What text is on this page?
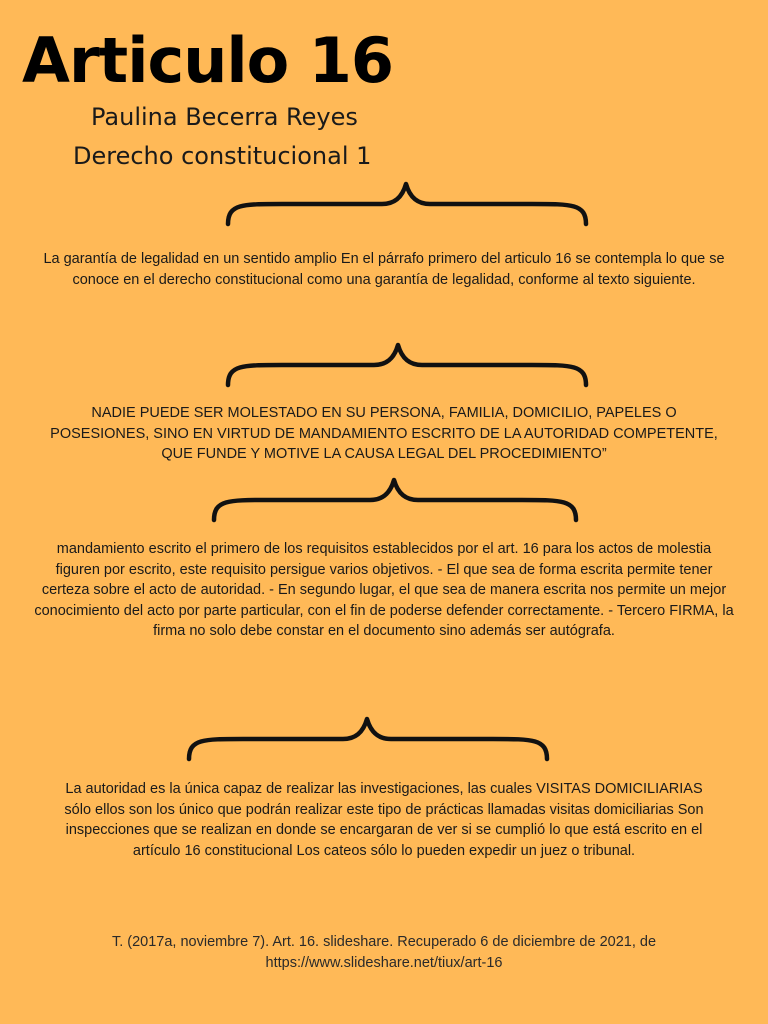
Articulo 16
Paulina Becerra Reyes
Derecho constitucional 1
La garantía de legalidad en un sentido amplio En el párrafo primero del articulo 16 se contempla lo que se conoce en el derecho constitucional como una garantía de legalidad, conforme al texto siguiente.
NADIE PUEDE SER MOLESTADO EN SU PERSONA, FAMILIA, DOMICILIO, PAPELES O POSESIONES, SINO EN VIRTUD DE MANDAMIENTO ESCRITO DE LA AUTORIDAD COMPETENTE, QUE FUNDE Y MOTIVE LA CAUSA LEGAL DEL PROCEDIMIENTO”
mandamiento escrito el primero de los requisitos establecidos por el art. 16 para los actos de molestia figuren por escrito, este requisito persigue varios objetivos. - El que sea de forma escrita permite tener certeza sobre el acto de autoridad. - En segundo lugar, el que sea de manera escrita nos permite un mejor conocimiento del acto por parte particular, con el fin de poderse defender correctamente. - Tercero FIRMA, la firma no solo debe constar en el documento sino además ser autógrafa.
La autoridad es la única capaz de realizar las investigaciones, las cuales VISITAS DOMICILIARIAS sólo ellos son los único que podrán realizar este tipo de prácticas llamadas visitas domiciliarias Son inspecciones que se realizan en donde se encargaran de ver si se cumplió lo que está escrito en el artículo 16 constitucional Los cateos sólo lo pueden expedir un juez o tribunal.
T. (2017a, noviembre 7). Art. 16. slideshare. Recuperado 6 de diciembre de 2021, de https://www.slideshare.net/tiux/art-16
